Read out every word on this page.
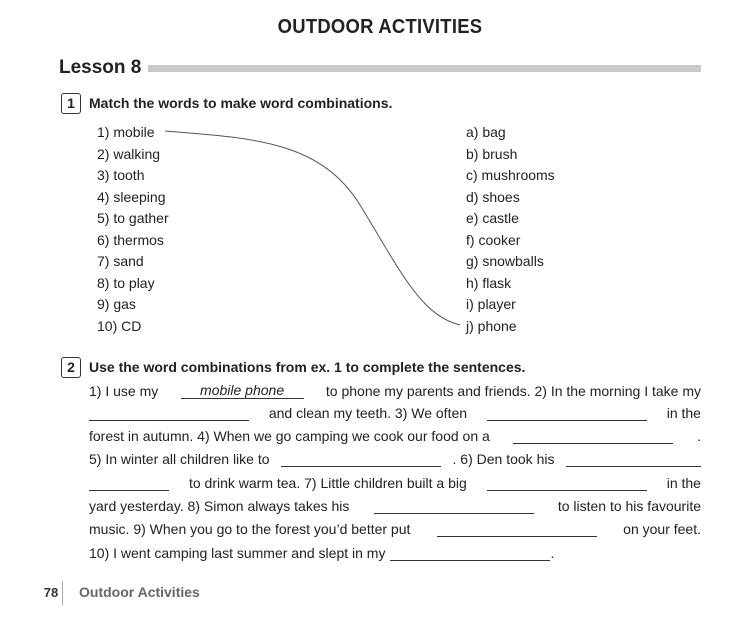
OUTDOOR ACTIVITIES
Lesson 8
1	Match the words to make word combinations.
1) mobile
2) walking
3) tooth
4) sleeping
5) to gather
6) thermos
7) sand
8) to play
9) gas
10) CD
a) bag
b) brush
c) mushrooms
d) shoes
e) castle
f) cooker
g) snowballs
h) flask
i) player
j) phone
2	Use the word combinations from ex. 1 to complete the sentences.
1) I use my	mobile phone	to phone my parents and friends. 2) In the morning I take my
and clean my teeth. 3) We often	in the
forest in autumn. 4) When we go camping we cook our food on a	.
5) In winter all children like to	. 6) Den took his
to drink warm tea. 7) Little children built a big	in the
yard yesterday. 8) Simon always takes his	to listen to his favourite
music. 9) When you go to the forest you’d better put	on your feet.
10) I went camping last summer and slept in my	.
78	Outdoor Activities
